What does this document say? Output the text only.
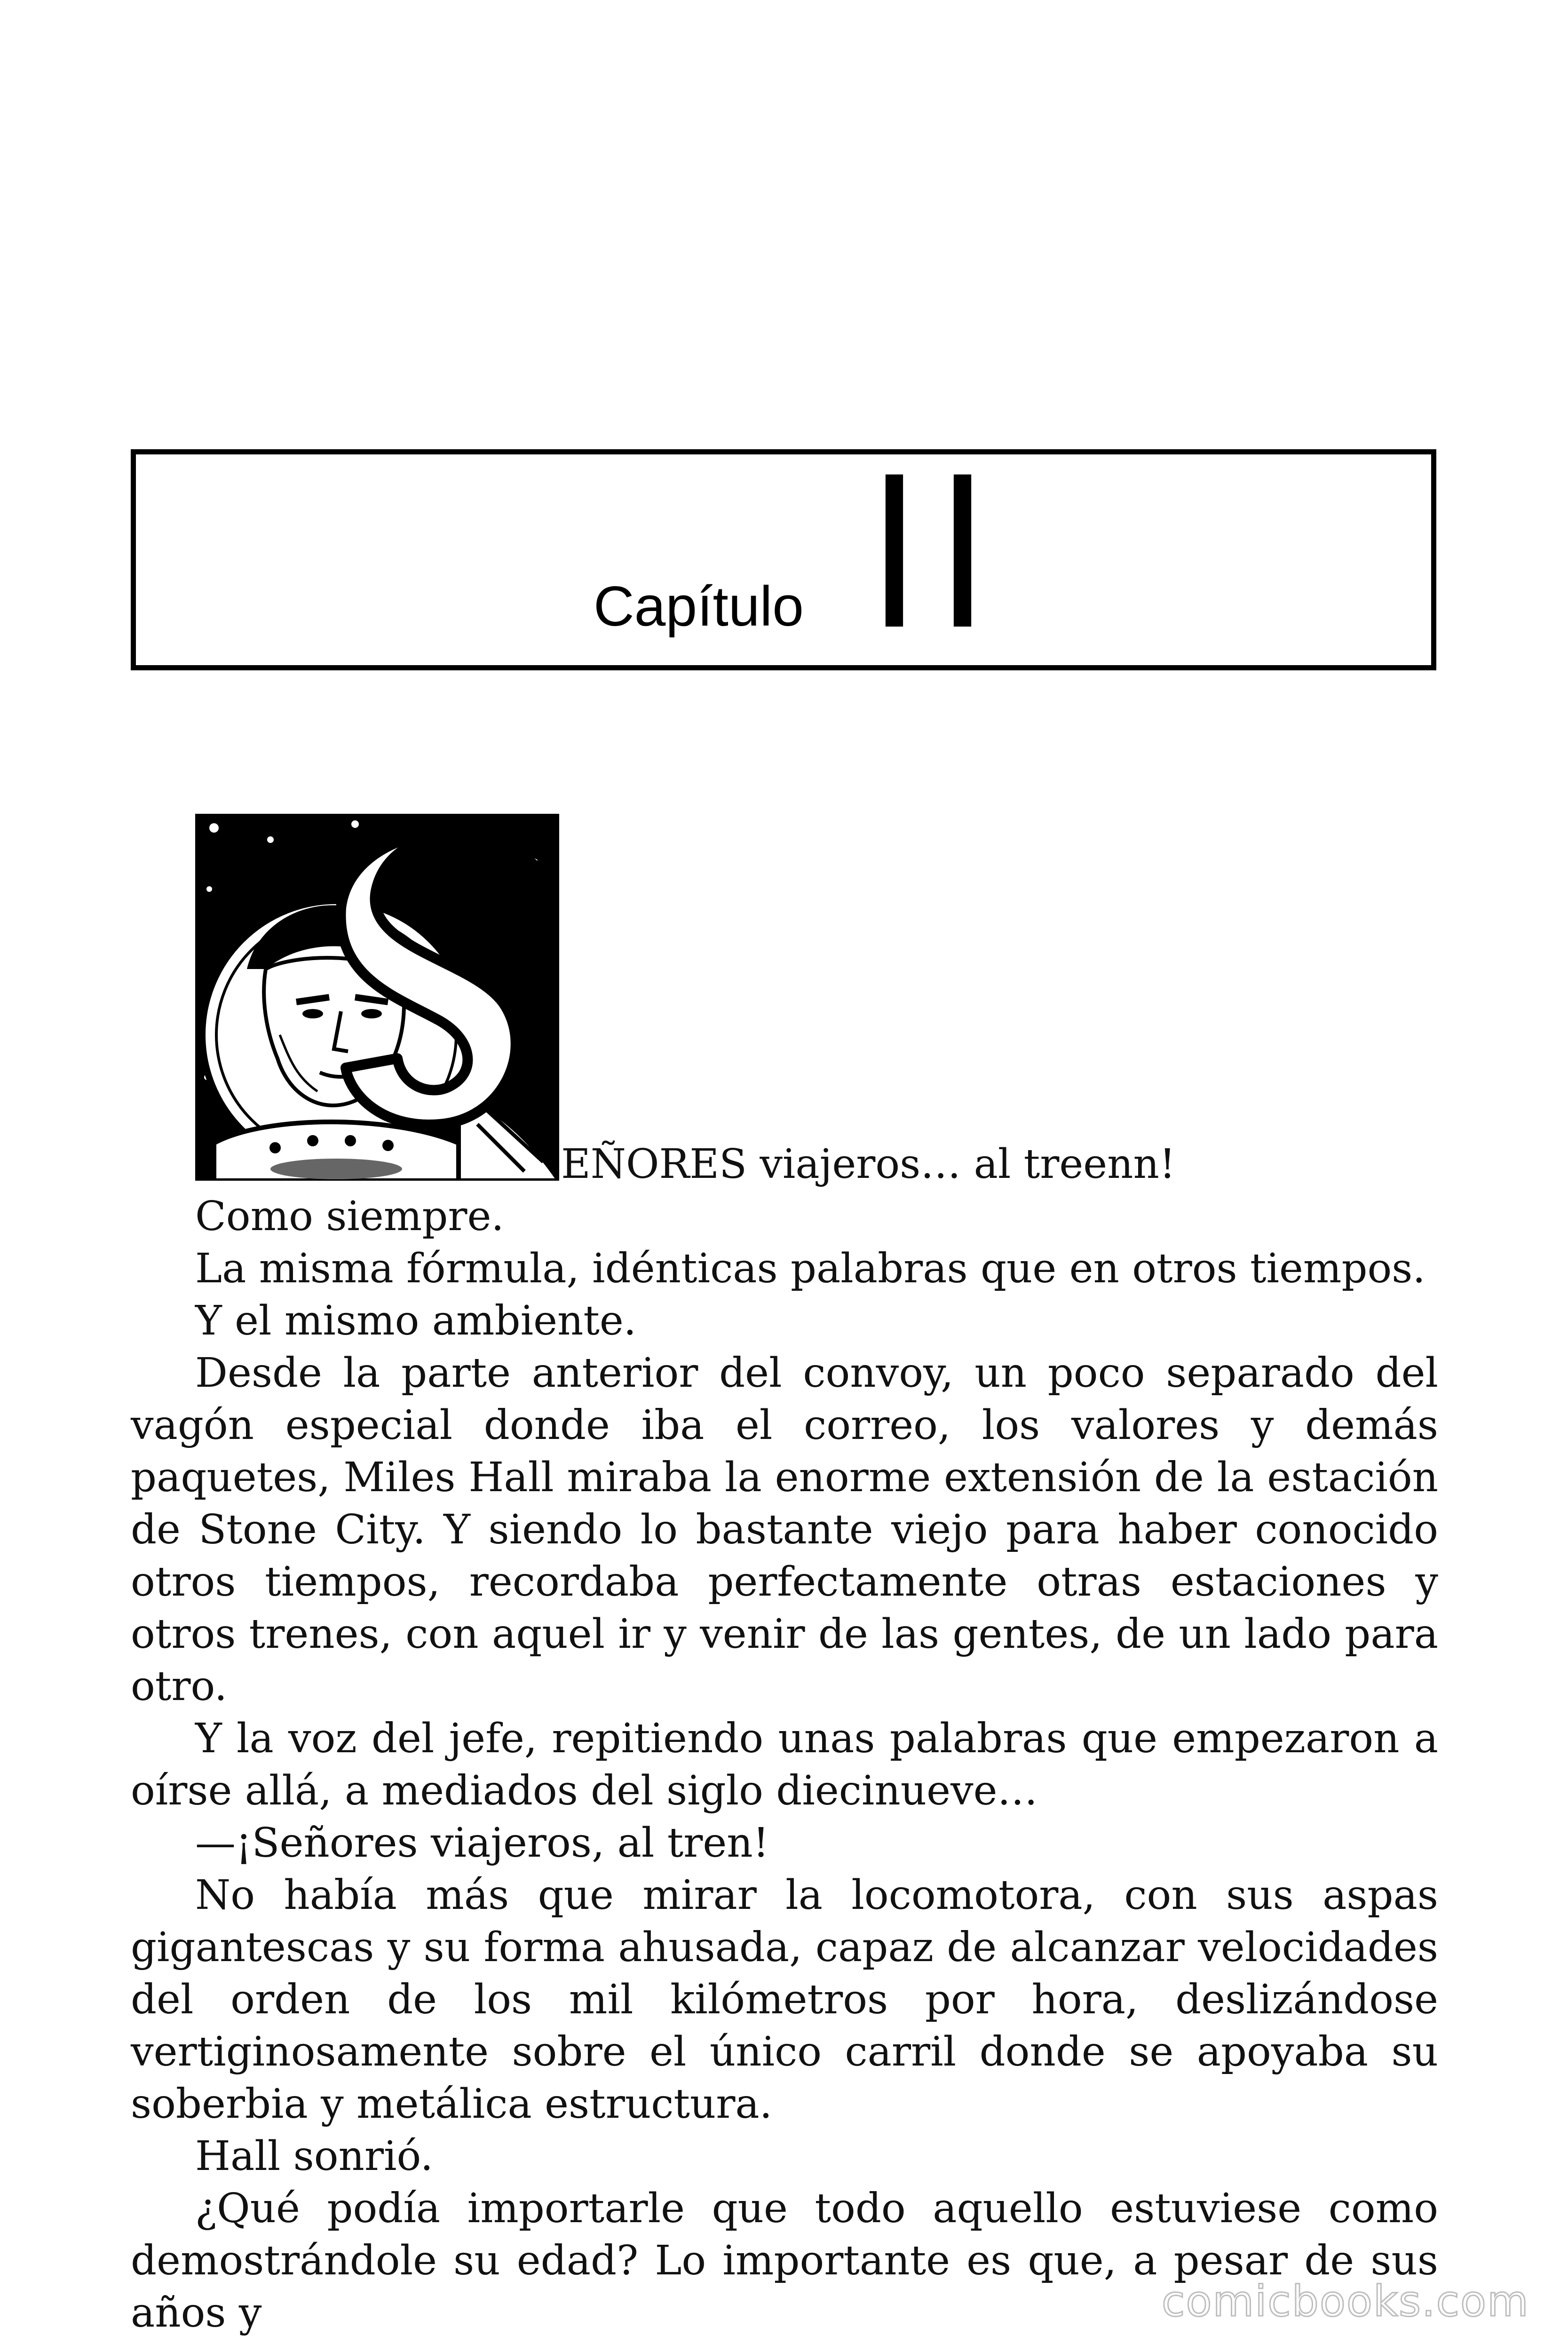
Capítulo II
EÑORES viajeros… al treenn!
Como siempre.
La misma fórmula, idénticas palabras que en otros tiempos.
Y el mismo ambiente.
Desde la parte anterior del convoy, un poco separado del vagón especial donde iba el correo, los valores y demás paquetes, Miles Hall miraba la enorme extensión de la estación de Stone City. Y siendo lo bastante viejo para haber conocido otros tiempos, recordaba perfectamente otras estaciones y otros trenes, con aquel ir y venir de las gentes, de un lado para otro.
Y la voz del jefe, repitiendo unas palabras que empezaron a oírse allá, a mediados del siglo diecinueve…
—¡Señores viajeros, al tren!
No había más que mirar la locomotora, con sus aspas gigantescas y su forma ahusada, capaz de alcanzar velocidades del orden de los mil kilómetros por hora, deslizándose vertiginosamente sobre el único carril donde se apoyaba su soberbia y metálica estructura.
Hall sonrió.
¿Qué podía importarle que todo aquello estuviese como demostrándole su edad? Lo importante es que, a pesar de sus años y	comicbooks.com
